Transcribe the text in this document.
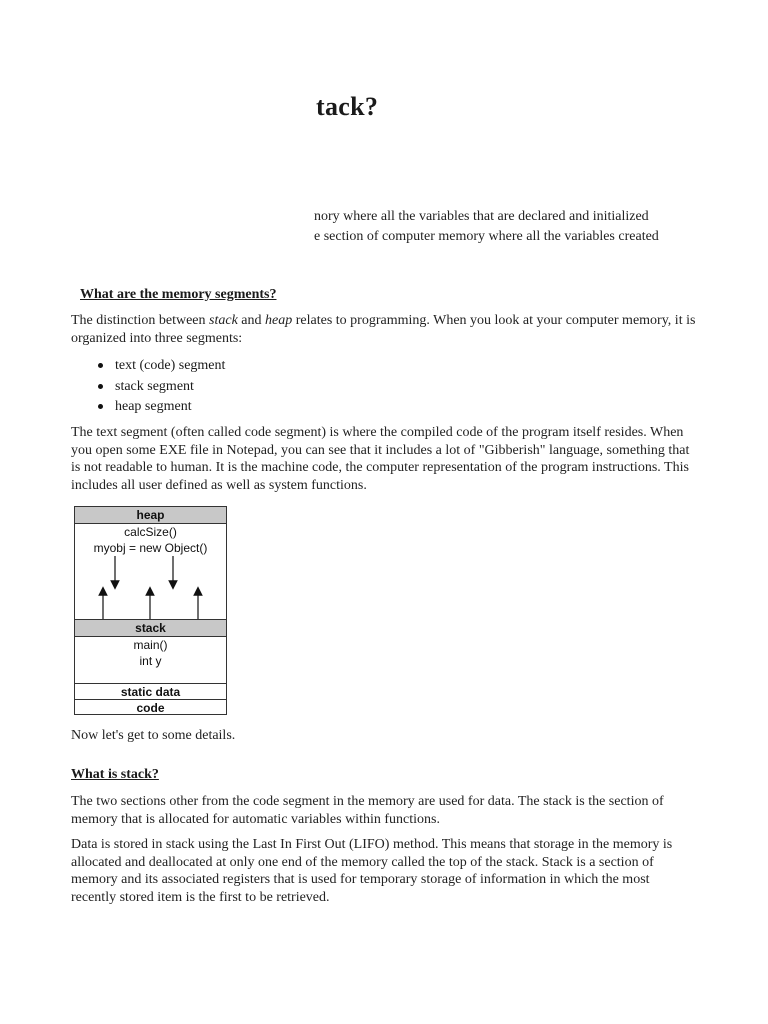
tack?
nory where all the variables that are declared and initialized
e section of computer memory where all the variables created
What are the memory segments?
The distinction between stack and heap relates to programming. When you look at your computer memory, it is organized into three segments:
text (code) segment
stack segment
heap segment
The text segment (often called code segment) is where the compiled code of the program itself resides. When you open some EXE file in Notepad, you can see that it includes a lot of "Gibberish" language, something that is not readable to human. It is the machine code, the computer representation of the program instructions. This includes all user defined as well as system functions.
heap
calcSize()
myobj = new Object()
stack
main()
int y
static data
code
Now let's get to some details.
What is stack?
The two sections other from the code segment in the memory are used for data. The stack is the section of memory that is allocated for automatic variables within functions.
Data is stored in stack using the Last In First Out (LIFO) method. This means that storage in the memory is allocated and deallocated at only one end of the memory called the top of the stack. Stack is a section of memory and its associated registers that is used for temporary storage of information in which the most recently stored item is the first to be retrieved.
